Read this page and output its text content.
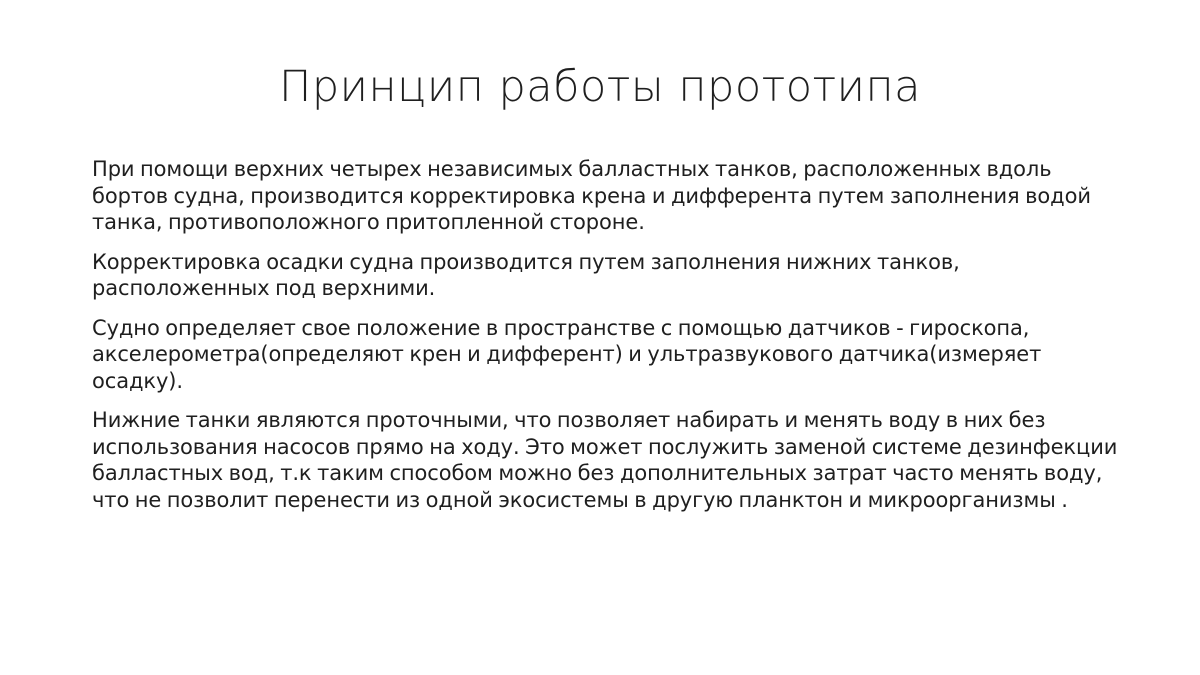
Принцип работы прототипа

При помощи верхних четырех независимых балластных танков, расположенных вдоль бортов судна, производится корректировка крена и дифферента путем заполнения водой танка, противоположного притопленной стороне.

Корректировка осадки судна производится путем заполнения нижних танков, расположенных под верхними.

Судно определяет свое положение в пространстве с помощью датчиков - гироскопа, акселерометра(определяют крен и дифферент) и ультразвукового датчика(измеряет осадку).

Нижние танки являются проточными, что позволяет набирать и менять воду в них без использования насосов прямо на ходу. Это может послужить заменой системе дезинфекции балластных вод, т.к таким способом можно без дополнительных затрат часто менять воду, что не позволит перенести из одной экосистемы в другую планктон и микроорганизмы .
